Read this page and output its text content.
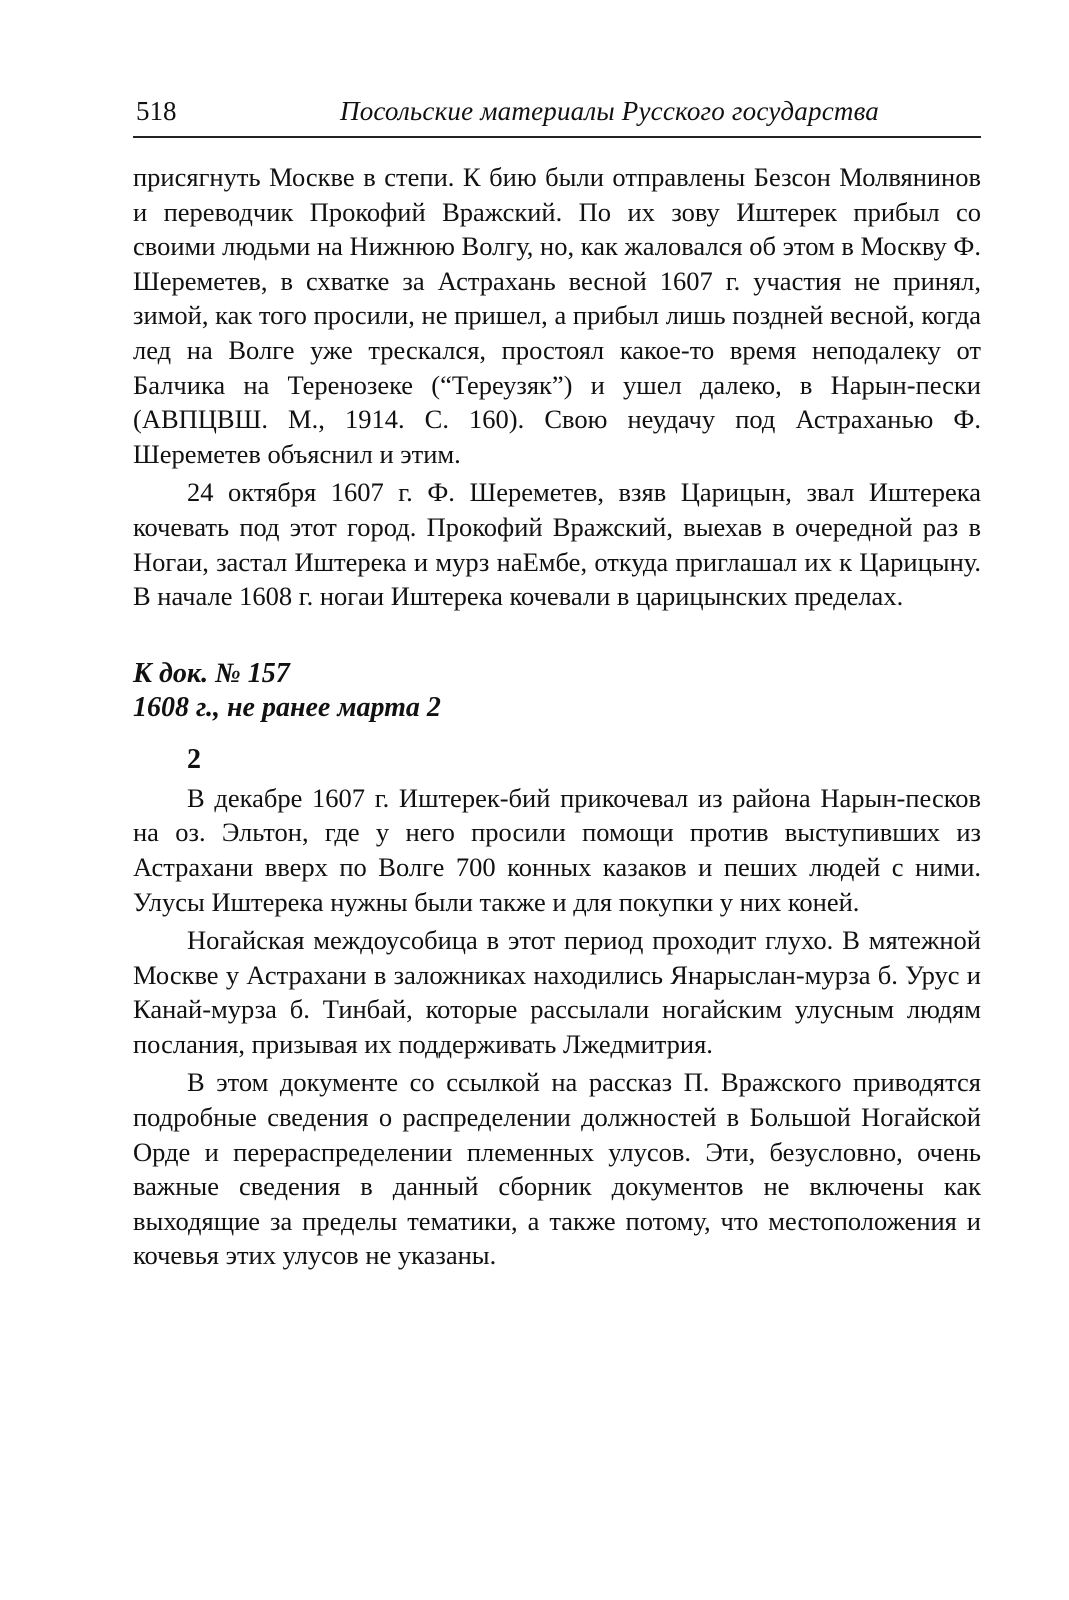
518	Посольские материалы Русского государства

присягнуть Москве в степи. К бию были отправлены Безсон Молвянинов и переводчик Прокофий Вражский. По их зову Иштерек прибыл со своими людьми на Нижнюю Волгу, но, как жаловался об этом в Москву Ф. Шереметев, в схватке за Астрахань весной 1607 г. участия не принял, зимой, как того просили, не пришел, а прибыл лишь поздней весной, когда лед на Волге уже трескался, простоял какое-то время неподалеку от Балчика на Теренозеке (“Тереузяк”) и ушел далеко, в Нарын-пески (АВПЦВШ. М., 1914. С. 160). Свою неудачу под Астраханью Ф. Шереметев объяснил и этим.

24 октября 1607 г. Ф. Шереметев, взяв Царицын, звал Иштерека кочевать под этот город. Прокофий Вражский, выехав в очередной раз в Ногаи, застал Иштерека и мурз наЕмбе, откуда приглашал их к Царицыну. В начале 1608 г. ногаи Иштерека кочевали в царицынских пределах.

К док. № 157
1608 г., не ранее марта 2
2

В декабре 1607 г. Иштерек-бий прикочевал из района Нарын-песков на оз. Эльтон, где у него просили помощи против выступивших из Астрахани вверх по Волге 700 конных казаков и пеших людей с ними. Улусы Иштерека нужны были также и для покупки у них коней.

Ногайская междоусобица в этот период проходит глухо. В мятежной Москве у Астрахани в заложниках находились Янарыслан-мурза б. Урус и Канай-мурза б. Тинбай, которые рассылали ногайским улусным людям послания, призывая их поддерживать Лжедмитрия.

В этом документе со ссылкой на рассказ П. Вражского приводятся подробные сведения о распределении должностей в Большой Ногайской Орде и перераспределении племенных улусов. Эти, безусловно, очень важные сведения в данный сборник документов не включены как выходящие за пределы тематики, а также потому, что местоположения и кочевья этих улусов не указаны.
